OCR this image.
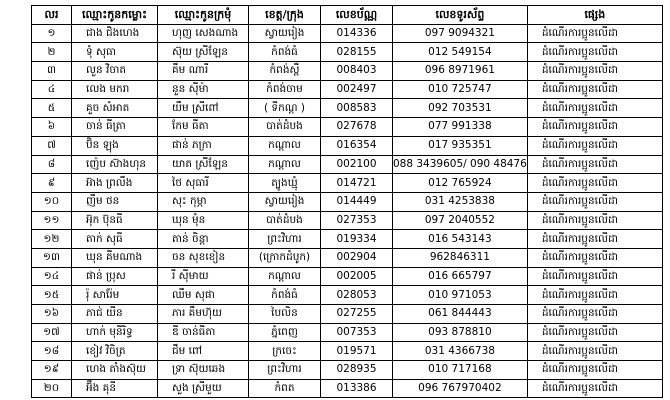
លរ	ឈ្មោះកូនកម្លោះ	ឈ្មោះកូនក្រមុំ	ខេត្ត/ក្រុង	លេខប័ណ្ណ	លេខទូរស័ព្ទ	ផ្សេង
១	ជាង ជិងហេង	ហុញ សេងណាង	ស្វាយរៀង	014336	097 9094321	ដំណើរការប្អូនលើដា
២	ទុំ សុធា	ស៊ុយ ស្រីឡែន	កំពង់ធំ	028155	012 549154	ដំណើរការប្អូនលើដា
៣	លួន វិចាត	គឹម ណារី	កំពង់ស្ពឺ	008403	096 8971961	ដំណើរការប្អូនលើដា
៤	លេង មករា	នួន ស៊ីម៉ា	កំពង់ចាម	002497	010 725747	ដំណើរការប្អូនលើដា
៥	គួច សំអាត	យឹម ស្រីពៅ	( ទីកណ្ដ )	008583	092 703531	ដំណើរការប្អូនលើដា
៦	ចាន់ ធីត្រា	កែម ធីតា	បាត់ដំបង	027678	077 991338	ដំណើរការប្អូនលើដា
៧	ប៊ិន ឡុង	ផាន់ ភក្រា	កណ្ដាល	016354	017 935351	ដំណើរការប្អូនលើដា
៨	ញ៉េប ស៊ាងហុន	យាត ស្រីឡែន	កណ្ដាល	002100	088 3439605/ 090 48476	ដំណើរការប្អូនលើដា
៩	អ៊ាង ព្រលឹង	ថៃ សុធារី	ត្បូងឃ្មុំ	014721	012 765924	ដំណើរការប្អូនលើដា
១០	ញឹម ថន	សុះ កុម្ភា	ស្វាយរៀង	014449	031 4253838	ដំណើរការប្អូនលើដា
១១	អ៊ុក ប៊ុនធី	ឃុន មុំន	បាត់ដំបង	027353	097 2040552	ដំណើរការប្អូនលើដា
១២	តាក់ សុធី	តាន់ ចិន្តា	ព្រះវិហារ	019334	016 543143	ដំណើរការប្អូនលើដា
១៣	ឃុន គីមណាង	ចន សុខខៀន	(ក្រោកដំបូក)	002904	962846311	ដំណើរការប្អូនលើដា
១៤	ផាន់ ប្រុស	រី ស៊ីមាយ	កណ្ដាល	002005	016 665797	ដំណើរការប្អូនលើដា
១៥	រ៉ុ សារ៉ែម	ឈឹម សុផា	កំពង់ធំ	028053	010 971053	ដំណើរការប្អូនលើដា
១៦	ភាជ់ យីន	ភារ គឹមហ៊ុយ	បៃលិន	027255	061 844443	ដំណើរការប្អូនលើដា
១៧	ហាក់ មុនីរិទ្ធ	ឌី ចាន់ធីតា	ភ្នំពេញ	007353	093 878810	ដំណើរការប្អូនលើដា
១៨	ខៀវ វិចិត្រ	ជឹម ពៅ	ក្រចេះ	019571	031 4366738	ដំណើរការប្អូនលើដា
១៩	ហេង តាំងស៊ុយ	ទ្រា ស៊ុយឆេង	ព្រះវិហារ	028935	010 717168	ដំណើរការប្អូនលើដា
២០	អ៊ឹង គុនី	សួង ស្រីមួយ	កំពត	013386	096 767970402	ដំណើរការប្អូនលើដា
